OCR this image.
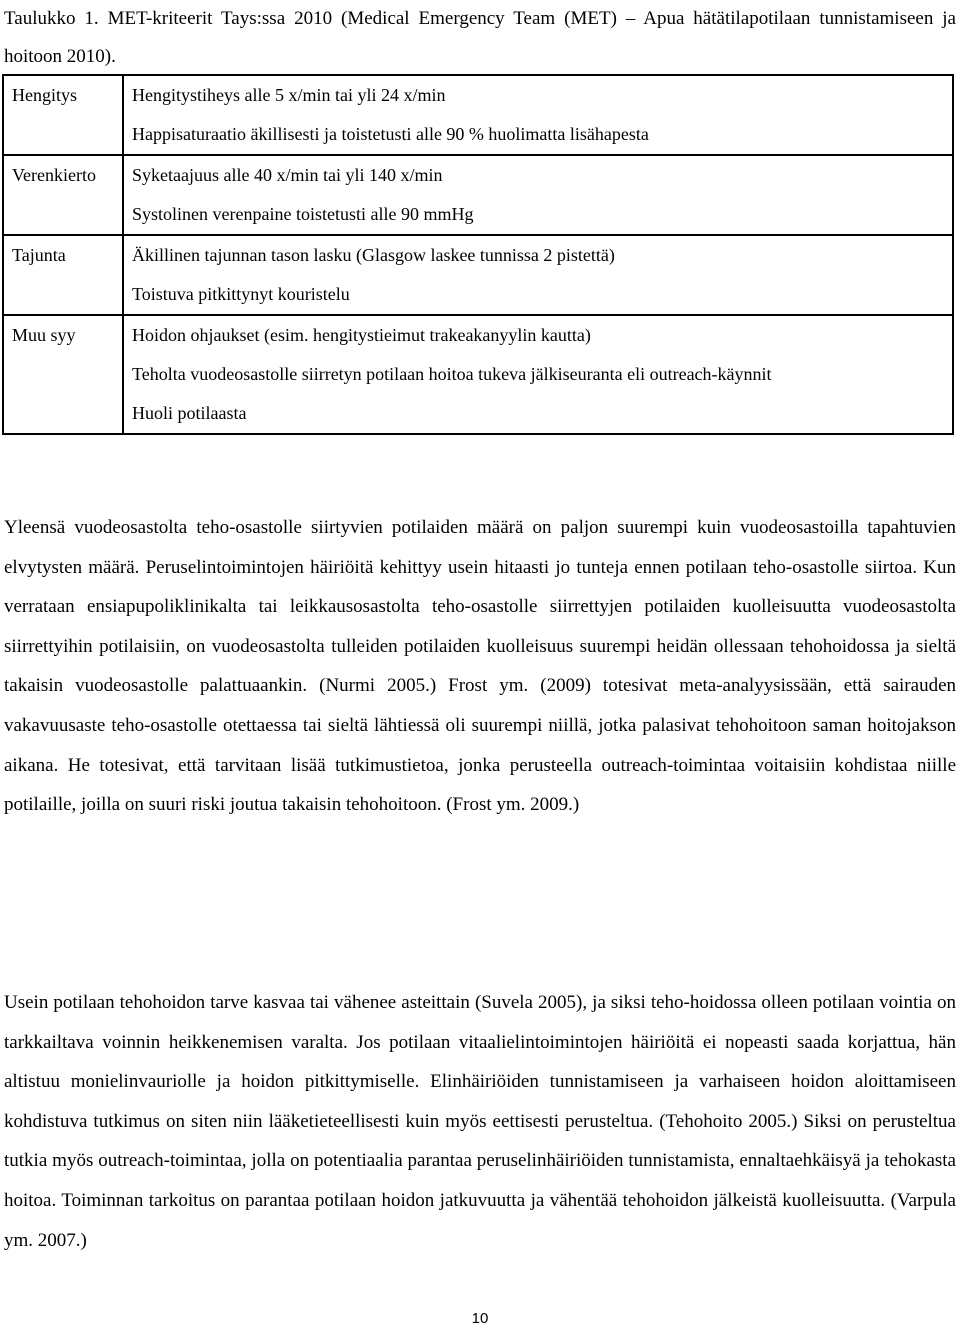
Taulukko 1. MET-kriteerit Tays:ssa 2010 (Medical Emergency Team (MET) – Apua hätätilapotilaan tunnistamiseen ja hoitoon 2010).
Hengitys	Hengitystiheys alle 5 x/min tai yli 24 x/min
	Happisaturaatio äkillisesti ja toistetusti alle 90 % huolimatta lisähapesta
Verenkierto	Syketaajuus alle 40 x/min tai yli 140 x/min
	Systolinen verenpaine toistetusti alle 90 mmHg
Tajunta	Äkillinen tajunnan tason lasku (Glasgow laskee tunnissa 2 pistettä)
	Toistuva pitkittynyt kouristelu
Muu syy	Hoidon ohjaukset (esim. hengitystieimut trakeakanyylin kautta)
	Teholta vuodeosastolle siirretyn potilaan hoitoa tukeva jälkiseuranta eli outreach-käynnit
	Huoli potilaasta

Yleensä vuodeosastolta teho-osastolle siirtyvien potilaiden määrä on paljon suurempi kuin vuodeosastoilla tapahtuvien elvytysten määrä. Peruselintoimintojen häiriöitä kehittyy usein hitaasti jo tunteja ennen potilaan teho-osastolle siirtoa. Kun verrataan ensiapupoliklinikalta tai leikkausosastolta teho-osastolle siirrettyjen potilaiden kuolleisuutta vuodeosastolta siirrettyihin potilaisiin, on vuodeosastolta tulleiden potilaiden kuolleisuus suurempi heidän ollessaan tehohoidossa ja sieltä takaisin vuodeosastolle palattuaankin. (Nurmi 2005.) Frost ym. (2009) totesivat meta-analyysissään, että sairauden vakavuusaste teho-osastolle otettaessa tai sieltä lähtiessä oli suurempi niillä, jotka palasivat tehohoitoon saman hoitojakson aikana. He totesivat, että tarvitaan lisää tutkimustietoa, jonka perusteella outreach-toimintaa voitaisiin kohdistaa niille potilaille, joilla on suuri riski joutua takaisin tehohoitoon. (Frost ym. 2009.)

Usein potilaan tehohoidon tarve kasvaa tai vähenee asteittain (Suvela 2005), ja siksi teho-hoidossa olleen potilaan vointia on tarkkailtava voinnin heikkenemisen varalta. Jos potilaan vitaalielintoimintojen häiriöitä ei nopeasti saada korjattua, hän altistuu monielinvauriolle ja hoidon pitkittymiselle. Elinhäiriöiden tunnistamiseen ja varhaiseen hoidon aloittamiseen kohdistuva tutkimus on siten niin lääketieteellisesti kuin myös eettisesti perusteltua. (Tehohoito 2005.) Siksi on perusteltua tutkia myös outreach-toimintaa, jolla on potentiaalia parantaa peruselinhäiriöiden tunnistamista, ennaltaehkäisyä ja tehokasta hoitoa. Toiminnan tarkoitus on parantaa potilaan hoidon jatkuvuutta ja vähentää tehohoidon jälkeistä kuolleisuutta. (Varpula ym. 2007.)

10
